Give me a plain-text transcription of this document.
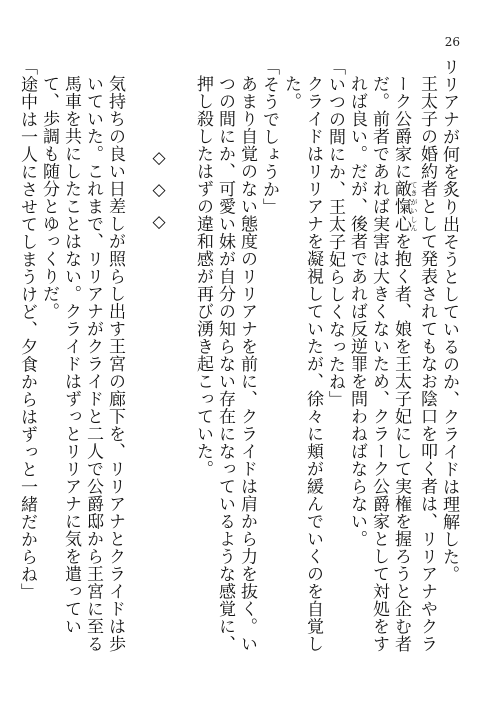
26
リリアナが何を炙り出そうとしているのか、クライドは理解した。
王太子の婚約者として発表されてもなお陰口を叩く者は、リリアナやクラーク公爵家に敵愾心 てきがいしんを抱く者、娘を王太子妃にして実権を握ろうと企む者だ。前者であれば実害は大きくないため、クラーク公爵家として対処をすれば良い。だが、後者であれば反逆罪を問わねばならない。
「いつの間にか、王太子妃らしくなったね」
クライドはリリアナを凝視していたが、徐々に頬が緩んでいくのを自覚した。
「そうでしょうか」
あまり自覚のない態度のリリアナを前に、クライドは肩から力を抜く。いつの間にか、可愛い妹が自分の知らない存在になっているような感覚に、押し殺したはずの違和感が再び湧き起こっていた。

◇◇◇

気持ちの良い日差しが照らし出す王宮の廊下を、リリアナとクライドは歩いていた。これまで、リリアナがクライドと二人で公爵邸から王宮に至る馬車を共にしたことはない。クライドはずっとリリアナに気を遣っていて、歩調も随分とゆっくりだ。
「途中は一人にさせてしまうけど、夕食からはずっと一緒だからね」
